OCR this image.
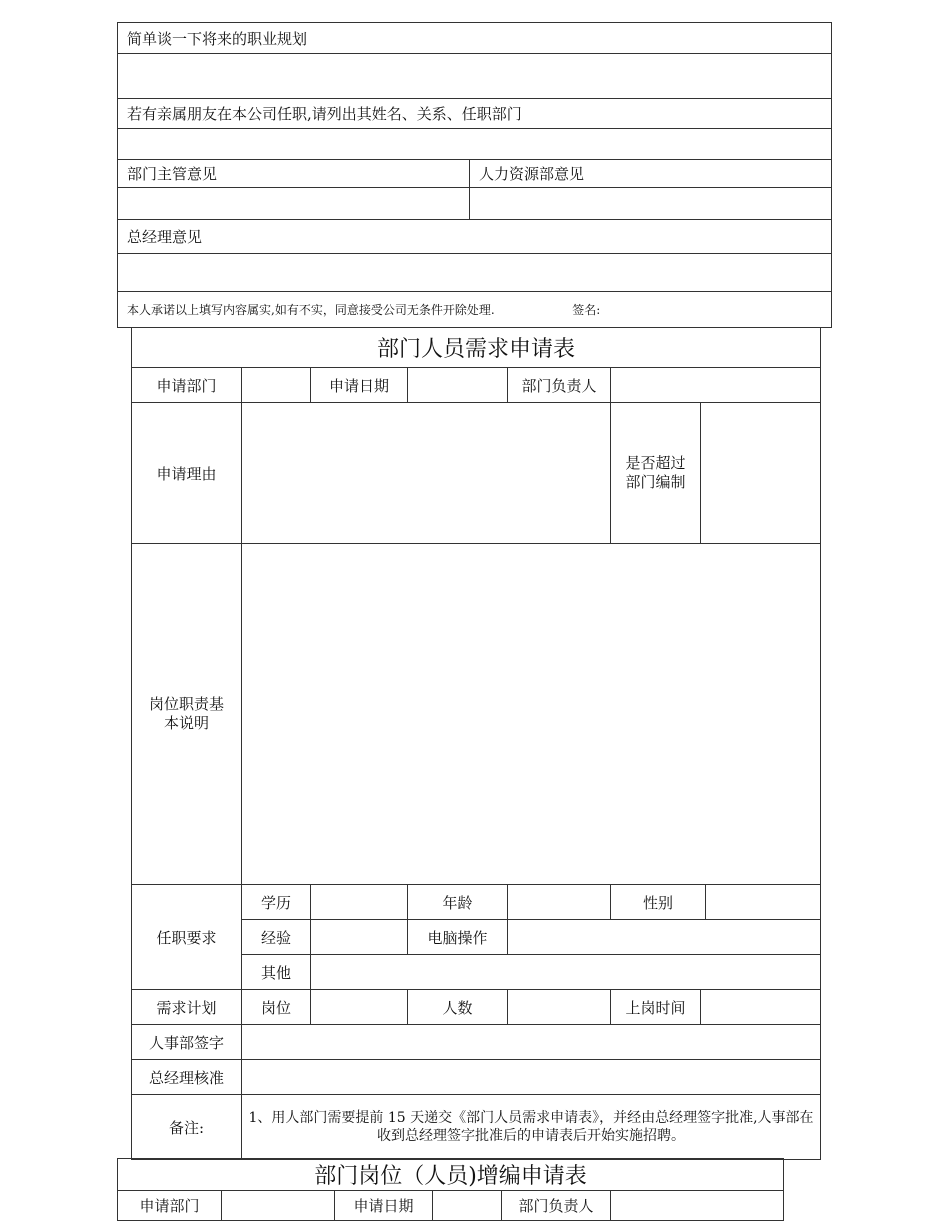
简单谈一下将来的职业规划	

若有亲属朋友在本公司任职,请列出其姓名、关系、任职部门	

部门主管意见	人力资源部意见

总经理意见	

本人承诺以上填写内容属实,如有不实，同意接受公司无条件开除处理. 签名:	
部门人员需求申请表							
申请部门		申请日期		部门负责人			
申请理由					是否超过
部门编制		

岗位职责基
本说明							

任职要求	学历		年龄		性别		
	经验		电脑操作				
	其他						
需求计划	岗位		人数		上岗时间		
人事部签字							
总经理核准							
备注:	1、用人部门需要提前 15 天递交《部门人员需求申请表》，并经由总经理签字批准,人事部在收到总经理签字批准后的申请表后开始实施招聘。						
部门岗位（人员)增编申请表
申请部门		申请日期		部门负责人	
